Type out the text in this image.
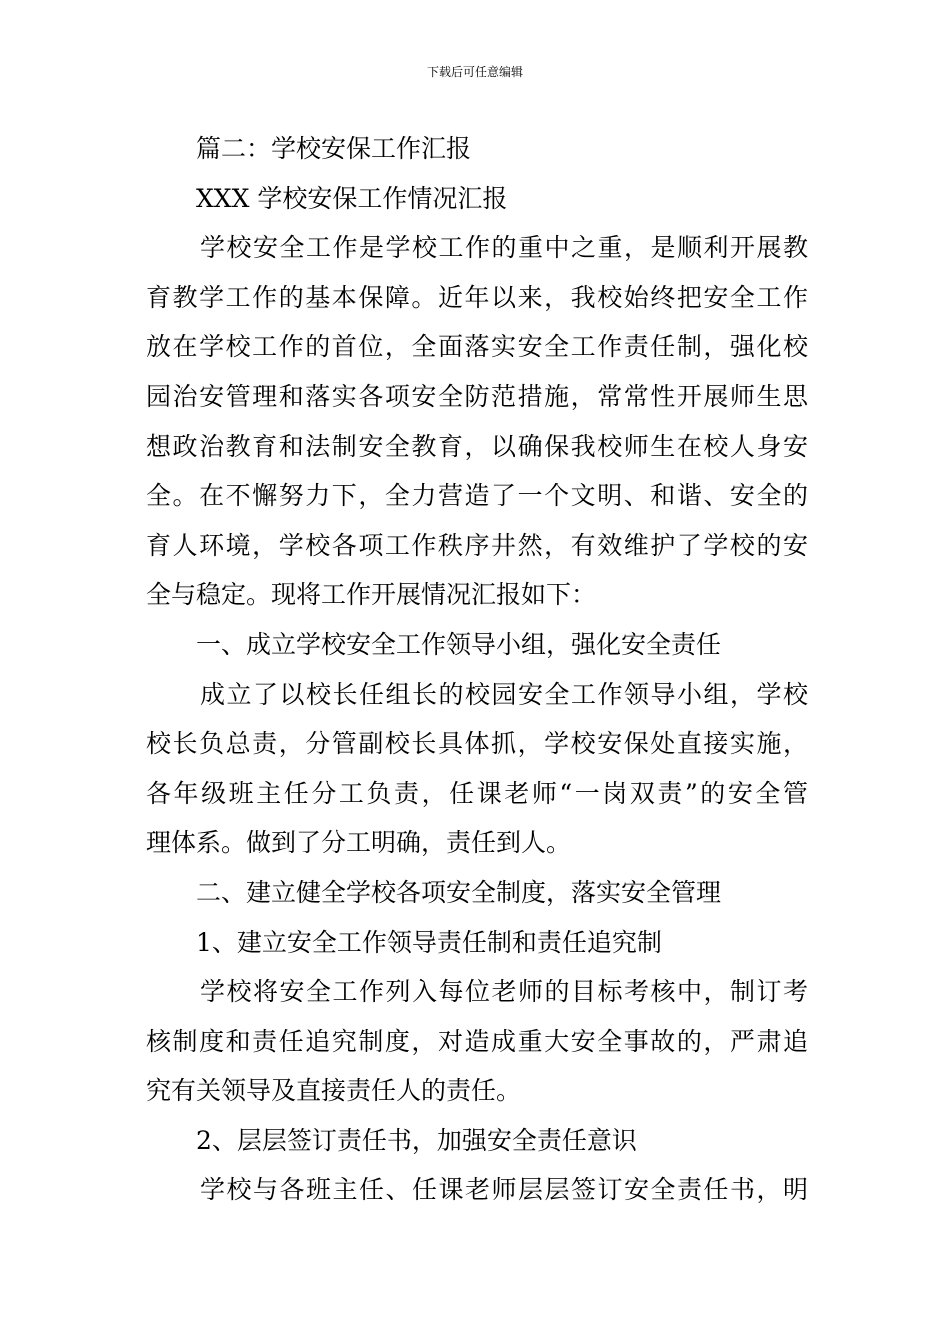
下载后可任意编辑
篇二：学校安保工作汇报
XXX 学校安保工作情况汇报
学校安全工作是学校工作的重中之重，是顺利开展教
育教学工作的基本保障。近年以来，我校始终把安全工作
放在学校工作的首位，全面落实安全工作责任制，强化校
园治安管理和落实各项安全防范措施，常常性开展师生思
想政治教育和法制安全教育，以确保我校师生在校人身安
全。在不懈努力下，全力营造了一个文明、和谐、安全的
育人环境，学校各项工作秩序井然，有效维护了学校的安
全与稳定。现将工作开展情况汇报如下：
一、成立学校安全工作领导小组，强化安全责任
成立了以校长任组长的校园安全工作领导小组，学校
校长负总责，分管副校长具体抓，学校安保处直接实施，
各年级班主任分工负责，任课老师“一岗双责”的安全管
理体系。做到了分工明确，责任到人。
二、建立健全学校各项安全制度，落实安全管理
1、建立安全工作领导责任制和责任追究制
学校将安全工作列入每位老师的目标考核中，制订考
核制度和责任追究制度，对造成重大安全事故的，严肃追
究有关领导及直接责任人的责任。
2、层层签订责任书，加强安全责任意识
学校与各班主任、任课老师层层签订安全责任书，明
